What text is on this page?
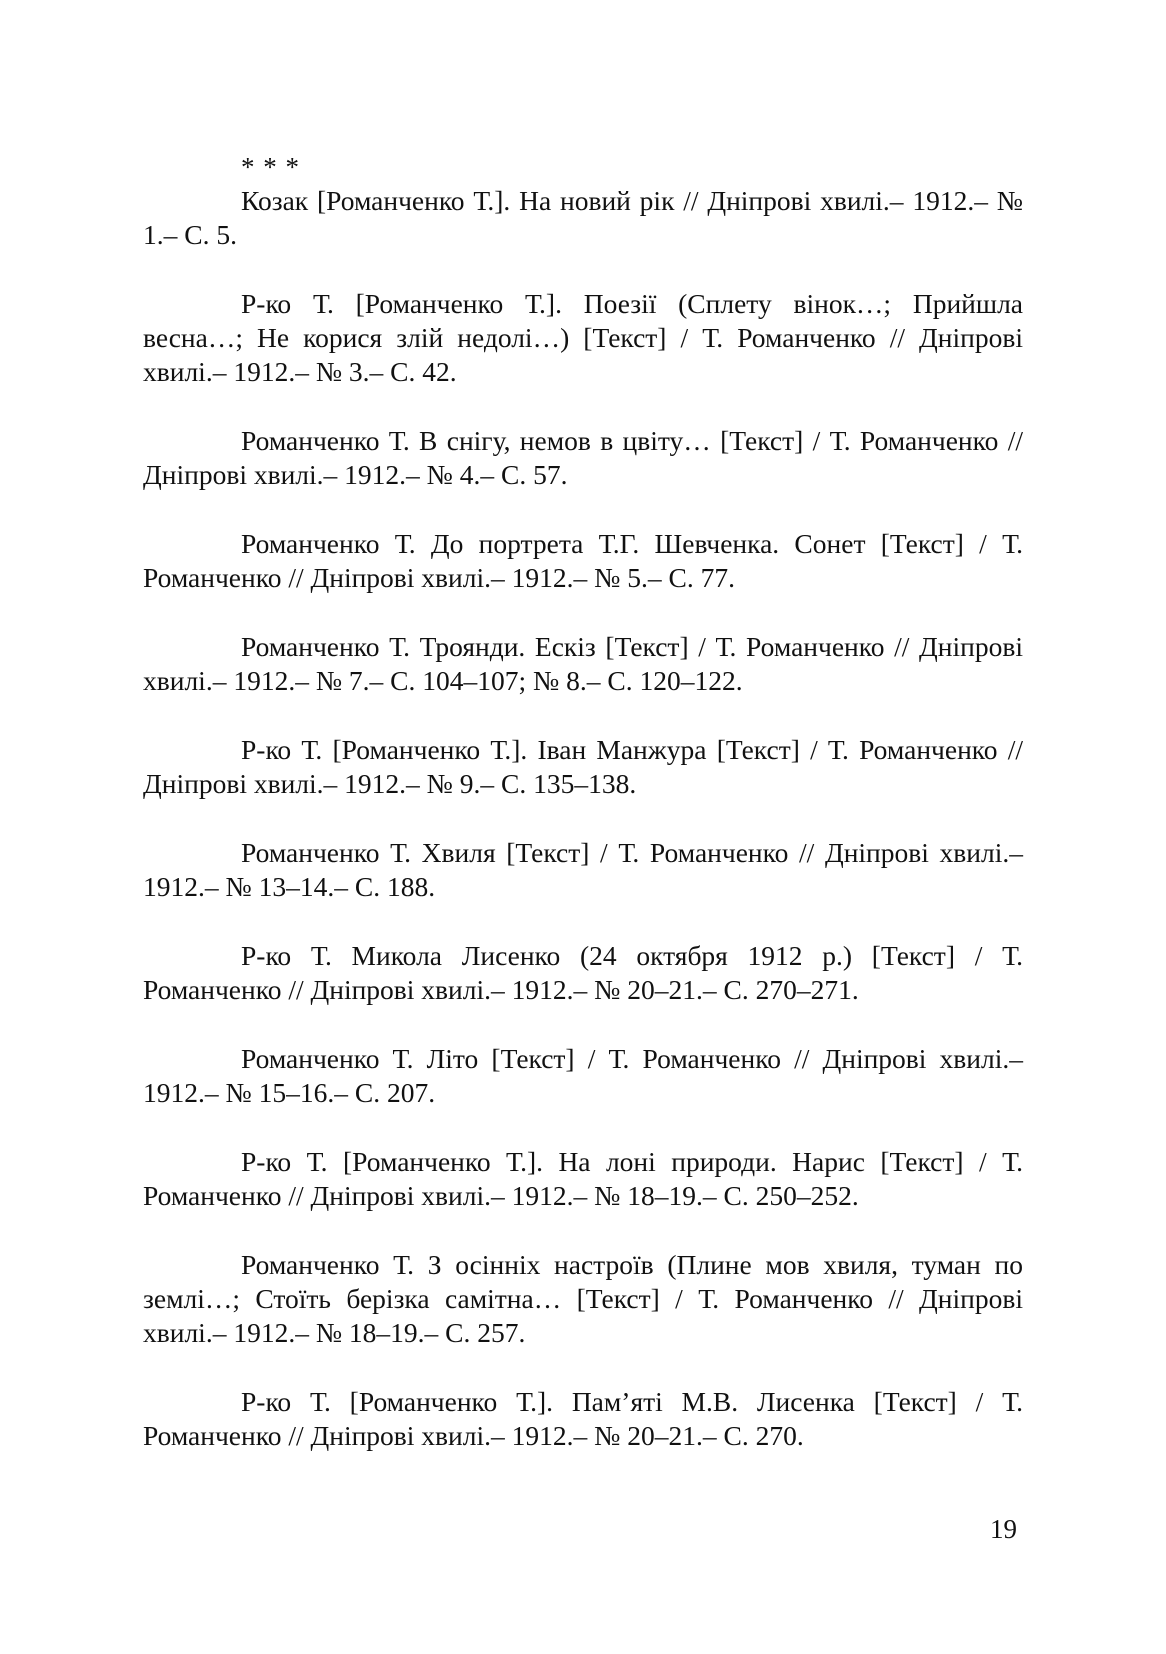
* * *

Козак [Романченко Т.]. На новий рік // Дніпрові хвилі.– 1912.– № 1.– С. 5.

Р-ко Т. [Романченко Т.]. Поезії (Сплету вінок…; Прийшла весна…; Не корися злій недолі…) [Текст] / Т. Романченко // Дніпрові хвилі.– 1912.– № 3.– С. 42.

Романченко Т. В снігу, немов в цвіту… [Текст] / Т. Романченко // Дніпрові хвилі.– 1912.– № 4.– С. 57.

Романченко Т. До портрета Т.Г. Шевченка. Сонет [Текст] / Т. Романченко // Дніпрові хвилі.– 1912.– № 5.– С. 77.

Романченко Т. Троянди. Ескіз [Текст] / Т. Романченко // Дніпрові хвилі.– 1912.– № 7.– С. 104–107; № 8.– С. 120–122.

Р-ко Т. [Романченко Т.]. Іван Манжура [Текст] / Т. Романченко // Дніпрові хвилі.– 1912.– № 9.– С. 135–138.

Романченко Т. Хвиля [Текст] / Т. Романченко // Дніпрові хвилі.– 1912.– № 13–14.– С. 188.

Р-ко Т. Микола Лисенко (24 октября 1912 р.) [Текст] / Т. Романченко // Дніпрові хвилі.– 1912.– № 20–21.– С. 270–271.

Романченко Т. Літо [Текст] / Т. Романченко // Дніпрові хвилі.– 1912.– № 15–16.– С. 207.

Р-ко Т. [Романченко Т.]. На лоні природи. Нарис [Текст] / Т. Романченко // Дніпрові хвилі.– 1912.– № 18–19.– С. 250–252.

Романченко Т. З осінніх настроїв (Плине мов хвиля, туман по землі…; Стоїть берізка самітна… [Текст] / Т. Романченко // Дніпрові хвилі.– 1912.– № 18–19.– С. 257.

Р-ко Т. [Романченко Т.]. Пам’яті М.В. Лисенка [Текст] / Т. Романченко // Дніпрові хвилі.– 1912.– № 20–21.– С. 270.

19
